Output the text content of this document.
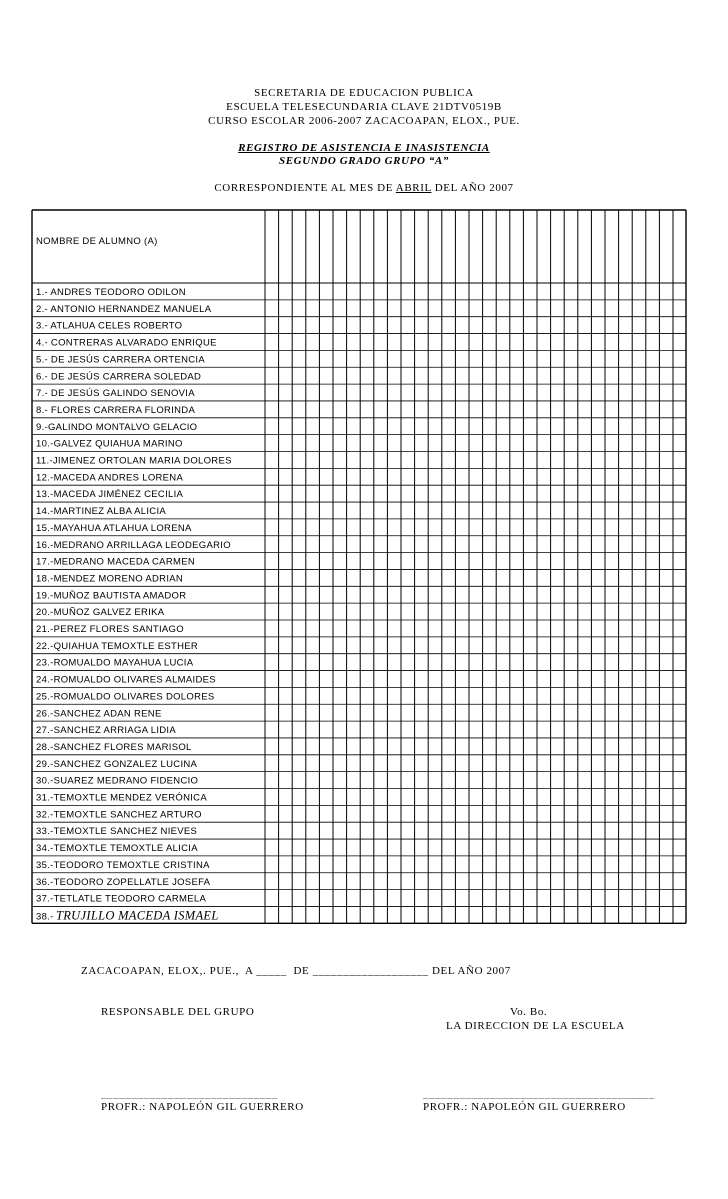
SECRETARIA DE EDUCACION PUBLICA
ESCUELA TELESECUNDARIA CLAVE 21DTV0519B
CURSO ESCOLAR 2006-2007 ZACACOAPAN, ELOX., PUE.
REGISTRO DE ASISTENCIA E INASISTENCIA
SEGUNDO GRADO GRUPO “A”
CORRESPONDIENTE AL MES DE ABRIL DEL AÑO 2007
NOMBRE DE ALUMNO (A)
1.- ANDRES TEODORO ODILON
2.- ANTONIO HERNANDEZ MANUELA
3.- ATLAHUA CELES ROBERTO
4.- CONTRERAS ALVARADO ENRIQUE
5.- DE JESÚS CARRERA ORTENCIA
6.- DE JESÚS CARRERA SOLEDAD
7.- DE JESÚS GALINDO SENOVIA
8.- FLORES CARRERA FLORINDA
9.-GALINDO MONTALVO GELACIO
10.-GALVEZ QUIAHUA MARINO
11.-JIMENEZ ORTOLAN MARIA DOLORES
12.-MACEDA ANDRES LORENA
13.-MACEDA JIMÉNEZ CECILIA
14.-MARTINEZ ALBA ALICIA
15.-MAYAHUA ATLAHUA LORENA
16.-MEDRANO ARRILLAGA LEODEGARIO
17.-MEDRANO MACEDA CARMEN
18.-MENDEZ MORENO ADRIAN
19.-MUÑOZ BAUTISTA AMADOR
20.-MUÑOZ GALVEZ ERIKA
21.-PEREZ FLORES SANTIAGO
22.-QUIAHUA TEMOXTLE ESTHER
23.-ROMUALDO MAYAHUA LUCIA
24.-ROMUALDO OLIVARES ALMAIDES
25.-ROMUALDO OLIVARES DOLORES
26.-SANCHEZ ADAN RENE
27.-SANCHEZ ARRIAGA LIDIA
28.-SANCHEZ FLORES MARISOL
29.-SANCHEZ GONZALEZ LUCINA
30.-SUAREZ MEDRANO FIDENCIO
31.-TEMOXTLE MENDEZ VERÓNICA
32.-TEMOXTLE SANCHEZ ARTURO
33.-TEMOXTLE SANCHEZ NIEVES
34.-TEMOXTLE TEMOXTLE ALICIA
35.-TEODORO TEMOXTLE CRISTINA
36.-TEODORO ZOPELLATLE JOSEFA
37.-TETLATLE TEODORO CARMELA
38.- TRUJILLO MACEDA ISMAEL
ZACACOAPAN, ELOX,. PUE.,  A _____  DE ___________________ DEL AÑO 2007
RESPONSABLE DEL GRUPO	Vo. Bo.
LA DIRECCION DE LA ESCUELA
_____________________________	______________________________________
PROFR.: NAPOLEÓN GIL GUERRERO	PROFR.: NAPOLEÓN GIL GUERRERO
